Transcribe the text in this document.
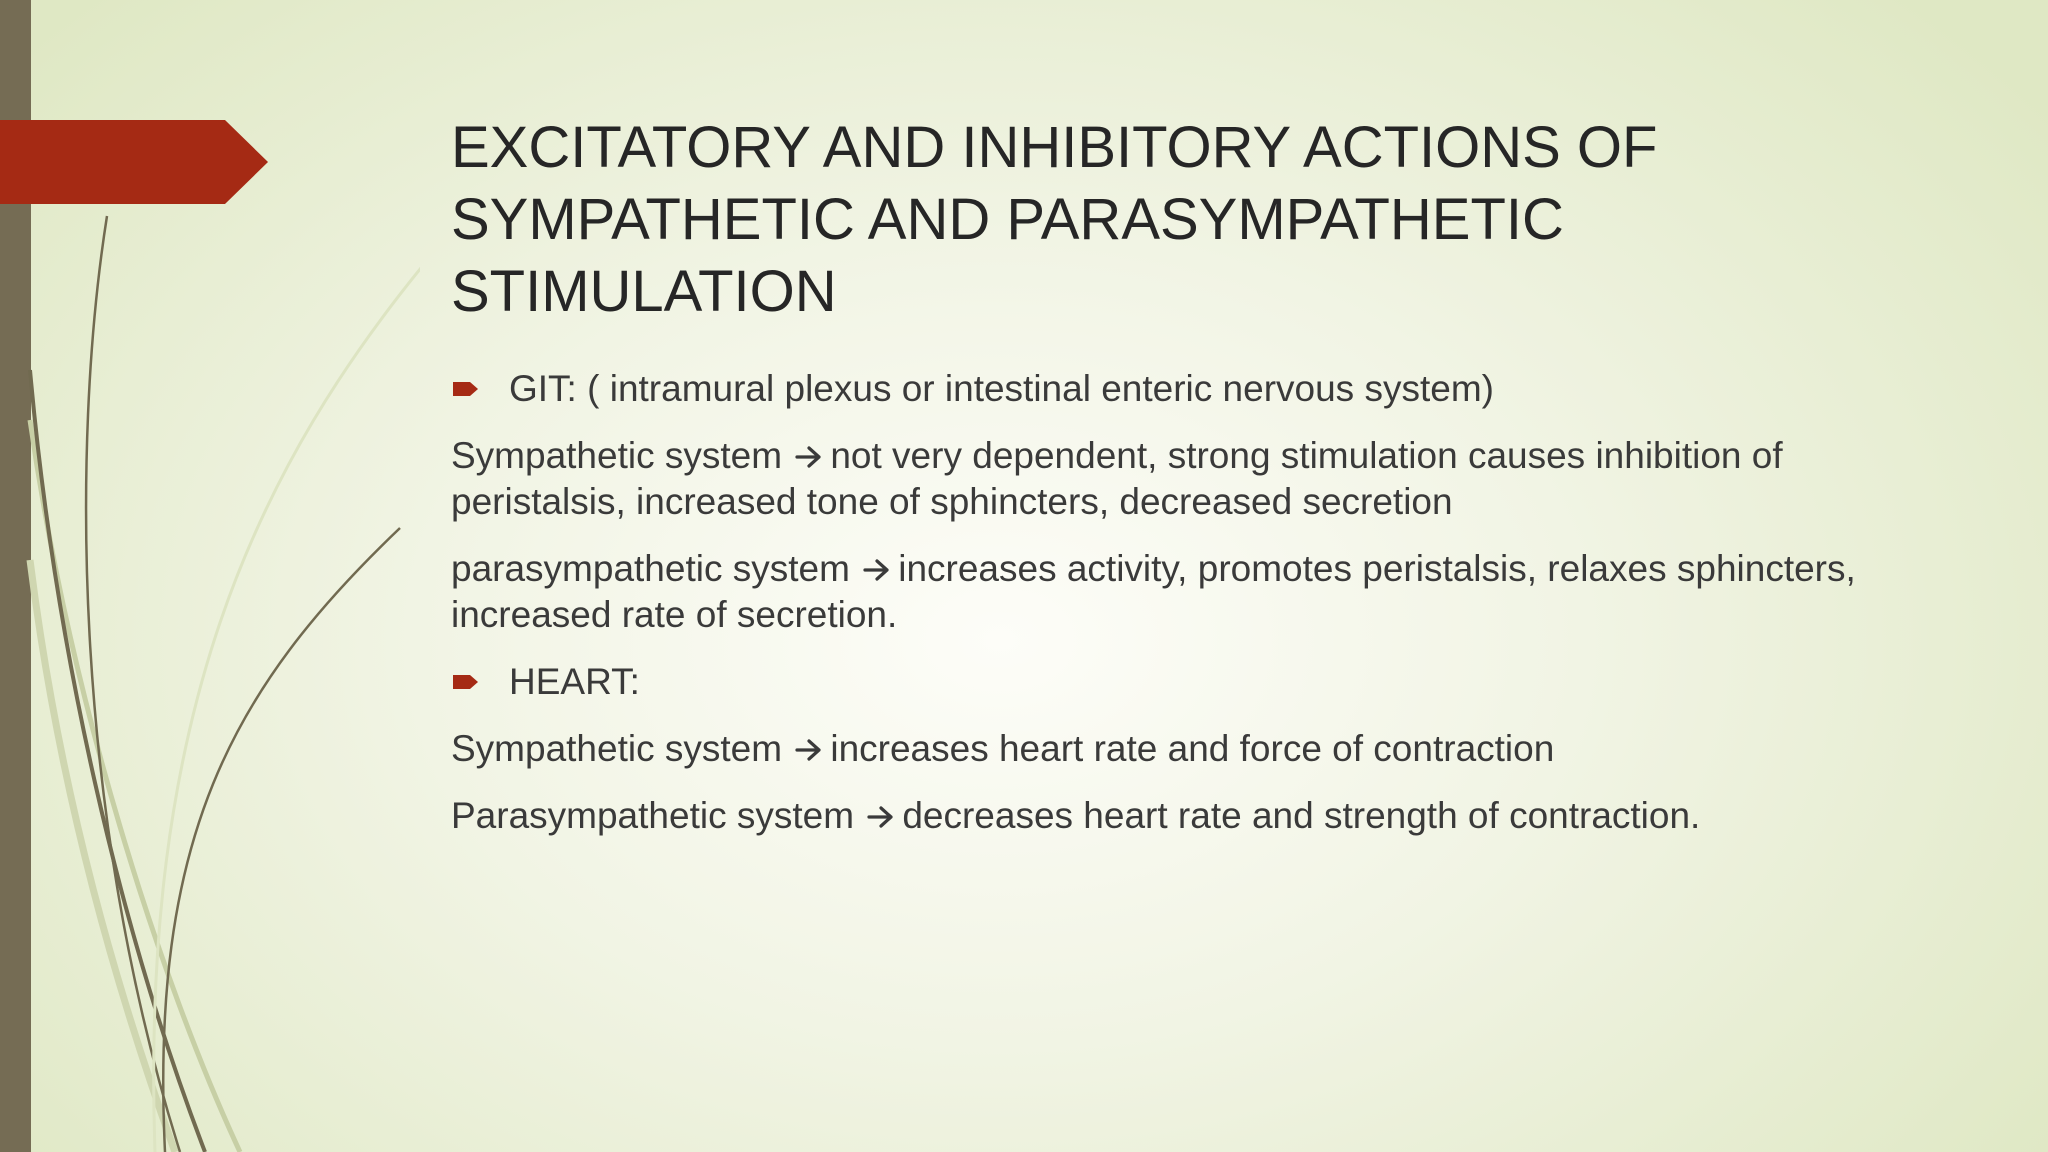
EXCITATORY AND INHIBITORY ACTIONS OF
SYMPATHETIC AND PARASYMPATHETIC
STIMULATION
GIT: ( intramural plexus or intestinal enteric nervous system)
Sympathetic system not very dependent, strong stimulation causes inhibition of
peristalsis, increased tone of sphincters, decreased secretion
parasympathetic system increases activity, promotes peristalsis, relaxes sphincters,
increased rate of secretion.
HEART:
Sympathetic system increases heart rate and force of contraction
Parasympathetic system decreases heart rate and strength of contraction.
